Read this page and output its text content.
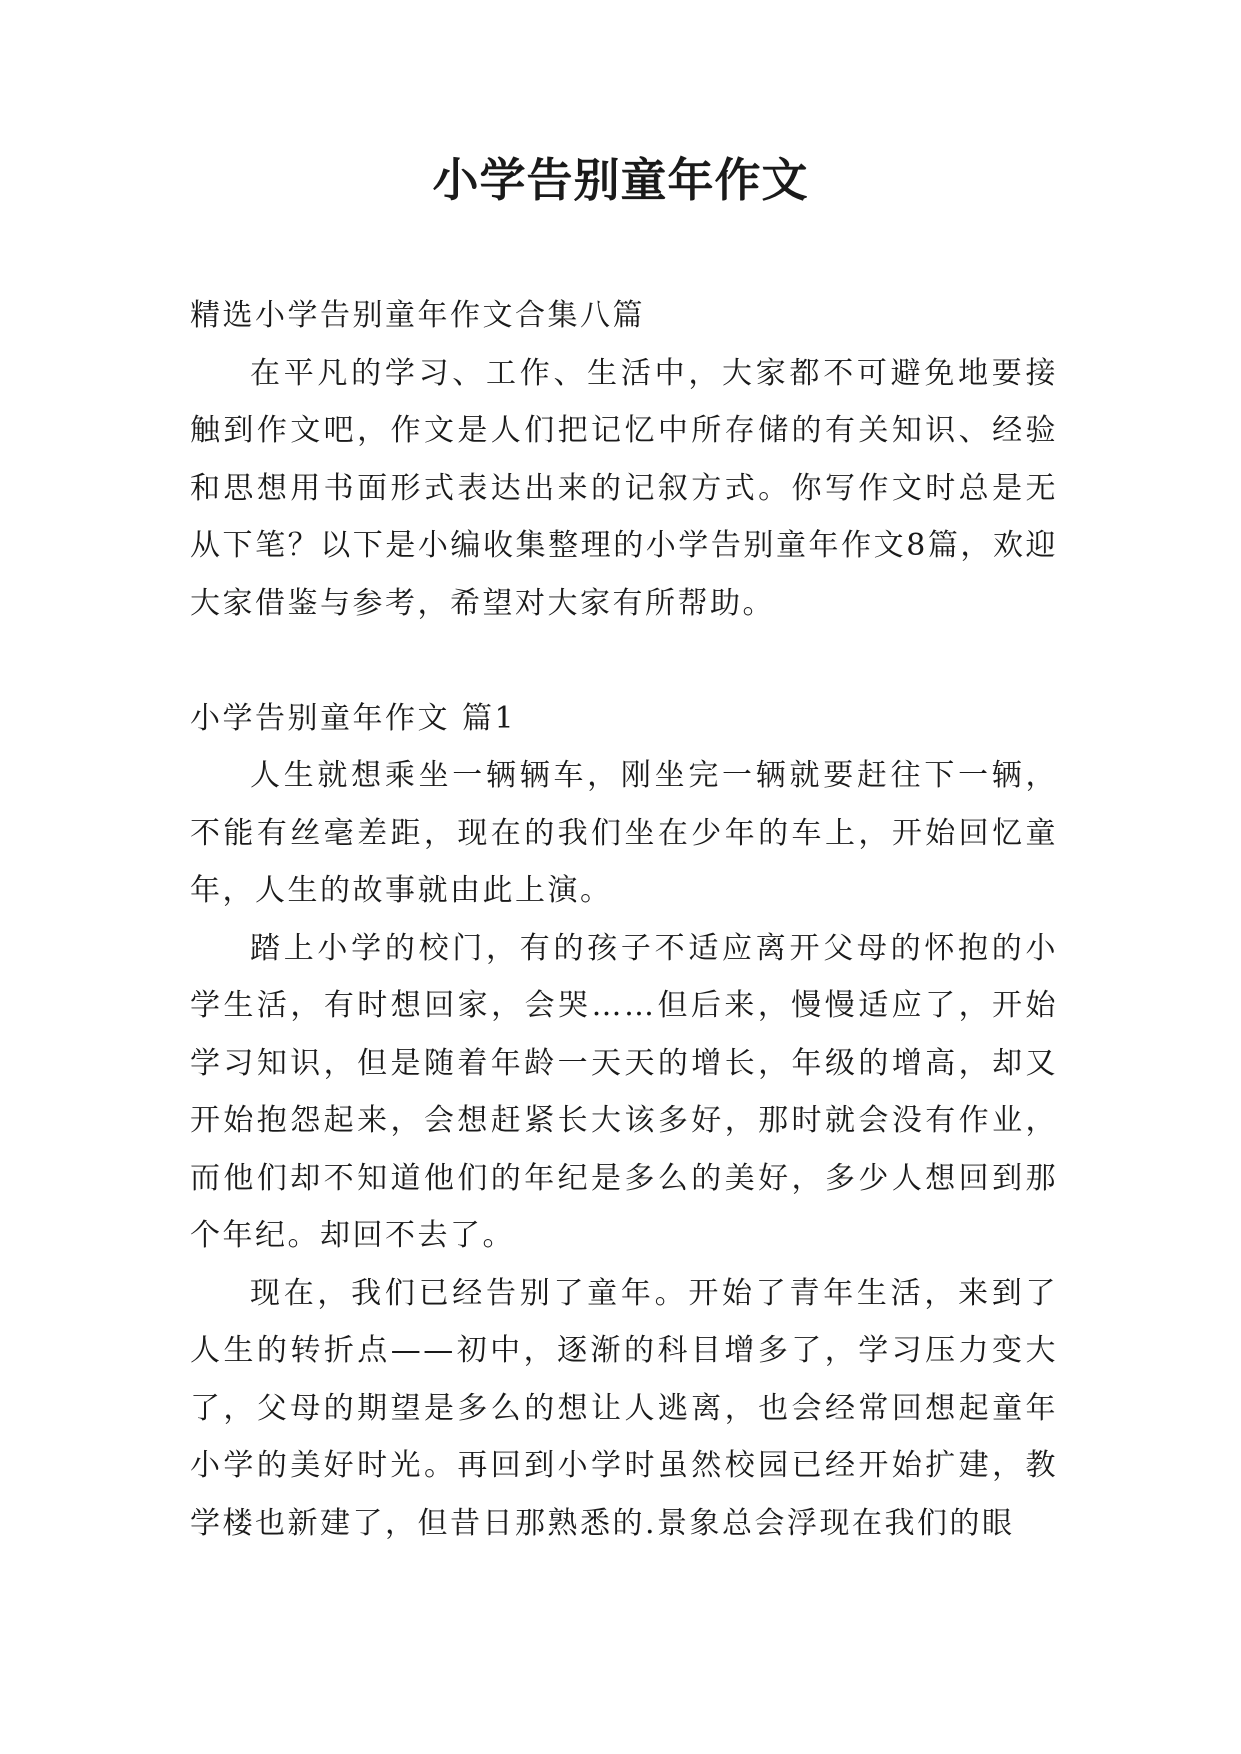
小学告别童年作文

精选小学告别童年作文合集八篇

在平凡的学习、工作、生活中，大家都不可避免地要接触到作文吧，作文是人们把记忆中所存储的有关知识、经验和思想用书面形式表达出来的记叙方式。你写作文时总是无从下笔？以下是小编收集整理的小学告别童年作文8篇，欢迎大家借鉴与参考，希望对大家有所帮助。

小学告别童年作文 篇1

人生就想乘坐一辆辆车，刚坐完一辆就要赶往下一辆，不能有丝毫差距，现在的我们坐在少年的车上，开始回忆童年，人生的故事就由此上演。

踏上小学的校门，有的孩子不适应离开父母的怀抱的小学生活，有时想回家，会哭……但后来，慢慢适应了，开始学习知识，但是随着年龄一天天的增长，年级的增高，却又开始抱怨起来，会想赶紧长大该多好，那时就会没有作业，而他们却不知道他们的年纪是多么的美好，多少人想回到那个年纪。却回不去了。

现在，我们已经告别了童年。开始了青年生活，来到了人生的转折点——初中，逐渐的科目增多了，学习压力变大了，父母的期望是多么的想让人逃离，也会经常回想起童年小学的美好时光。再回到小学时虽然校园已经开始扩建，教学楼也新建了，但昔日那熟悉的.景象总会浮现在我们的眼
